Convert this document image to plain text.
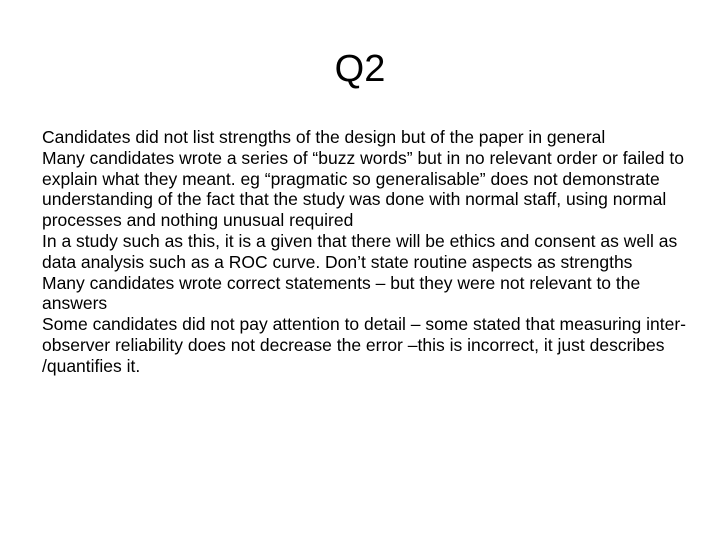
Q2
Candidates did not list strengths of the design but of the paper in general
Many candidates wrote a series of “buzz words” but in no relevant order or failed to explain what they meant. eg “pragmatic so generalisable” does not demonstrate understanding of the fact that the study was done with normal staff, using normal processes and nothing unusual required
In a study such as this, it is a given that there will be ethics and consent as well as data analysis such as a ROC curve. Don’t state routine aspects as strengths
Many candidates wrote correct statements – but they were not relevant to the answers
Some candidates did not pay attention to detail – some stated that measuring inter-observer reliability does not decrease the error –this is incorrect, it just describes /quantifies it.
